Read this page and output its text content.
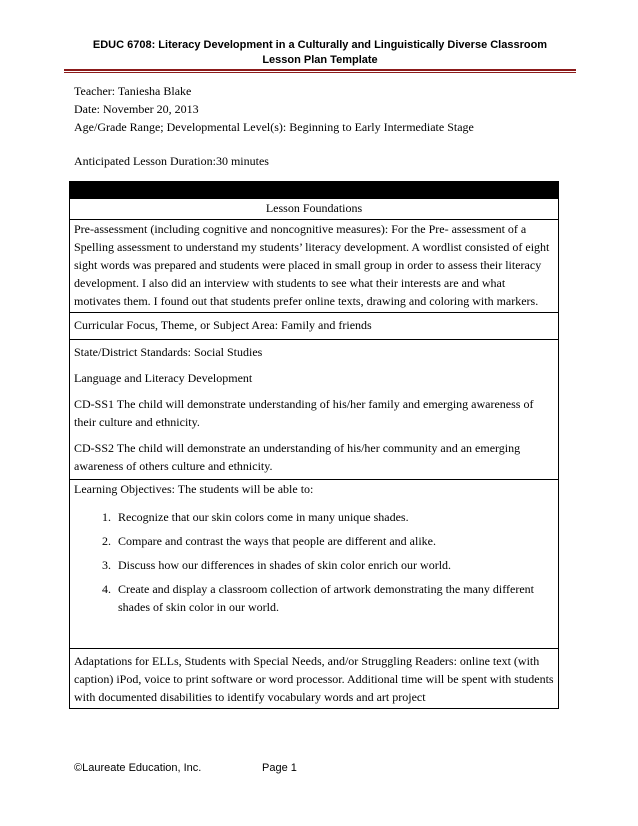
EDUC 6708: Literacy Development in a Culturally and Linguistically Diverse Classroom
Lesson Plan Template

Teacher: Taniesha Blake

Date: November 20, 2013

Age/Grade Range; Developmental Level(s): Beginning to Early Intermediate Stage

Anticipated Lesson Duration:30 minutes

Lesson Foundations

Pre-assessment (including cognitive and noncognitive measures): For the Pre- assessment of a Spelling assessment to understand my students’ literacy development. A wordlist consisted of eight sight words was prepared and students were placed in small group in order to assess their literacy development. I also did an interview with students to see what their interests are and what motivates them. I found out that students prefer online texts, drawing and coloring with markers.

Curricular Focus, Theme, or Subject Area: Family and friends

State/District Standards: Social Studies

Language and Literacy Development

CD-SS1 The child will demonstrate understanding of his/her family and emerging awareness of their culture and ethnicity.

CD-SS2 The child will demonstrate an understanding of his/her community and an emerging awareness of others culture and ethnicity.

Learning Objectives: The students will be able to:

1. Recognize that our skin colors come in many unique shades.
2. Compare and contrast the ways that people are different and alike.
3. Discuss how our differences in shades of skin color enrich our world.
4. Create and display a classroom collection of artwork demonstrating the many different shades of skin color in our world.

Adaptations for ELLs, Students with Special Needs, and/or Struggling Readers: online text (with caption) iPod, voice to print software or word processor. Additional time will be spent with students with documented disabilities to identify vocabulary words and art project

©Laureate Education, Inc.	Page 1
